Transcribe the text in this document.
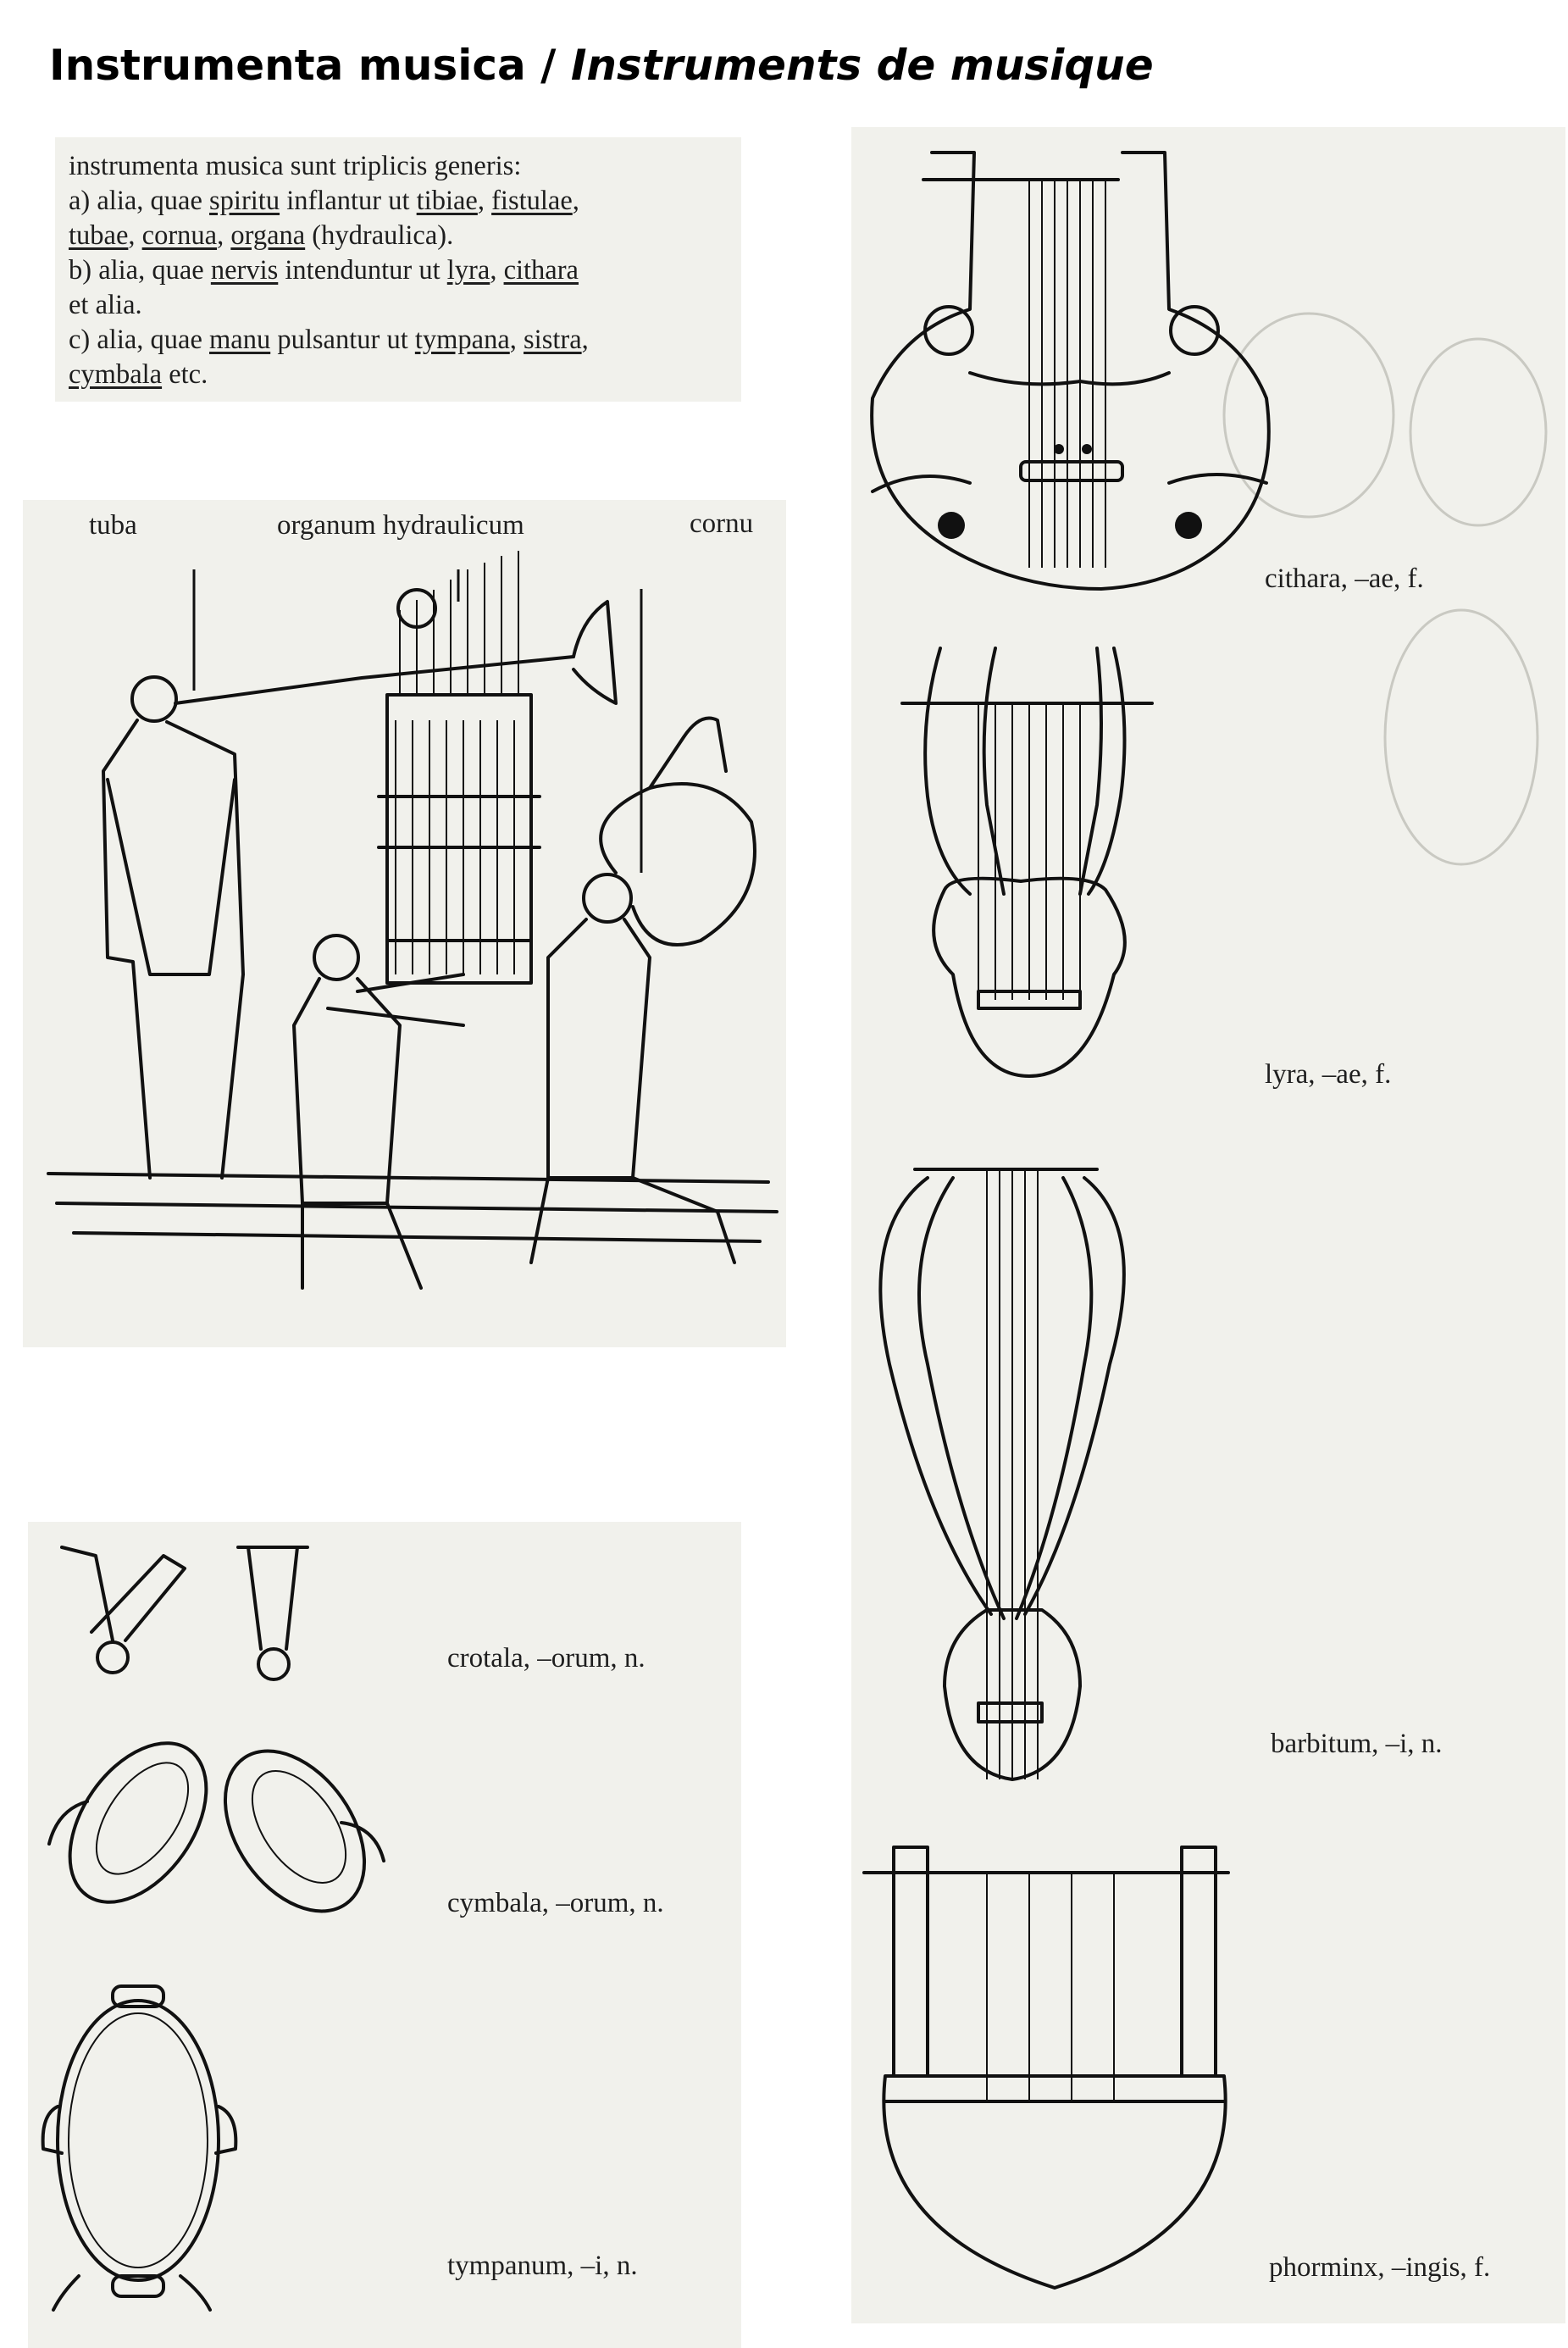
Instrumenta musica / Instruments de musique

instrumenta musica sunt triplicis generis:
a) alia, quae spiritu inflantur ut tibiae, fistulae,
tubae, cornua, organa (hydraulica).
b) alia, quae nervis intenduntur ut lyra, cithara
et alia.
c) alia, quae manu pulsantur ut tympana, sistra,
cymbala etc.

tuba	organum hydraulicum	cornu
crotala, –orum, n.
cymbala, –orum, n.
tympanum, –i, n.
cithara, –ae, f.
lyra, –ae, f.
barbitum, –i, n.
phorminx, –ingis, f.
